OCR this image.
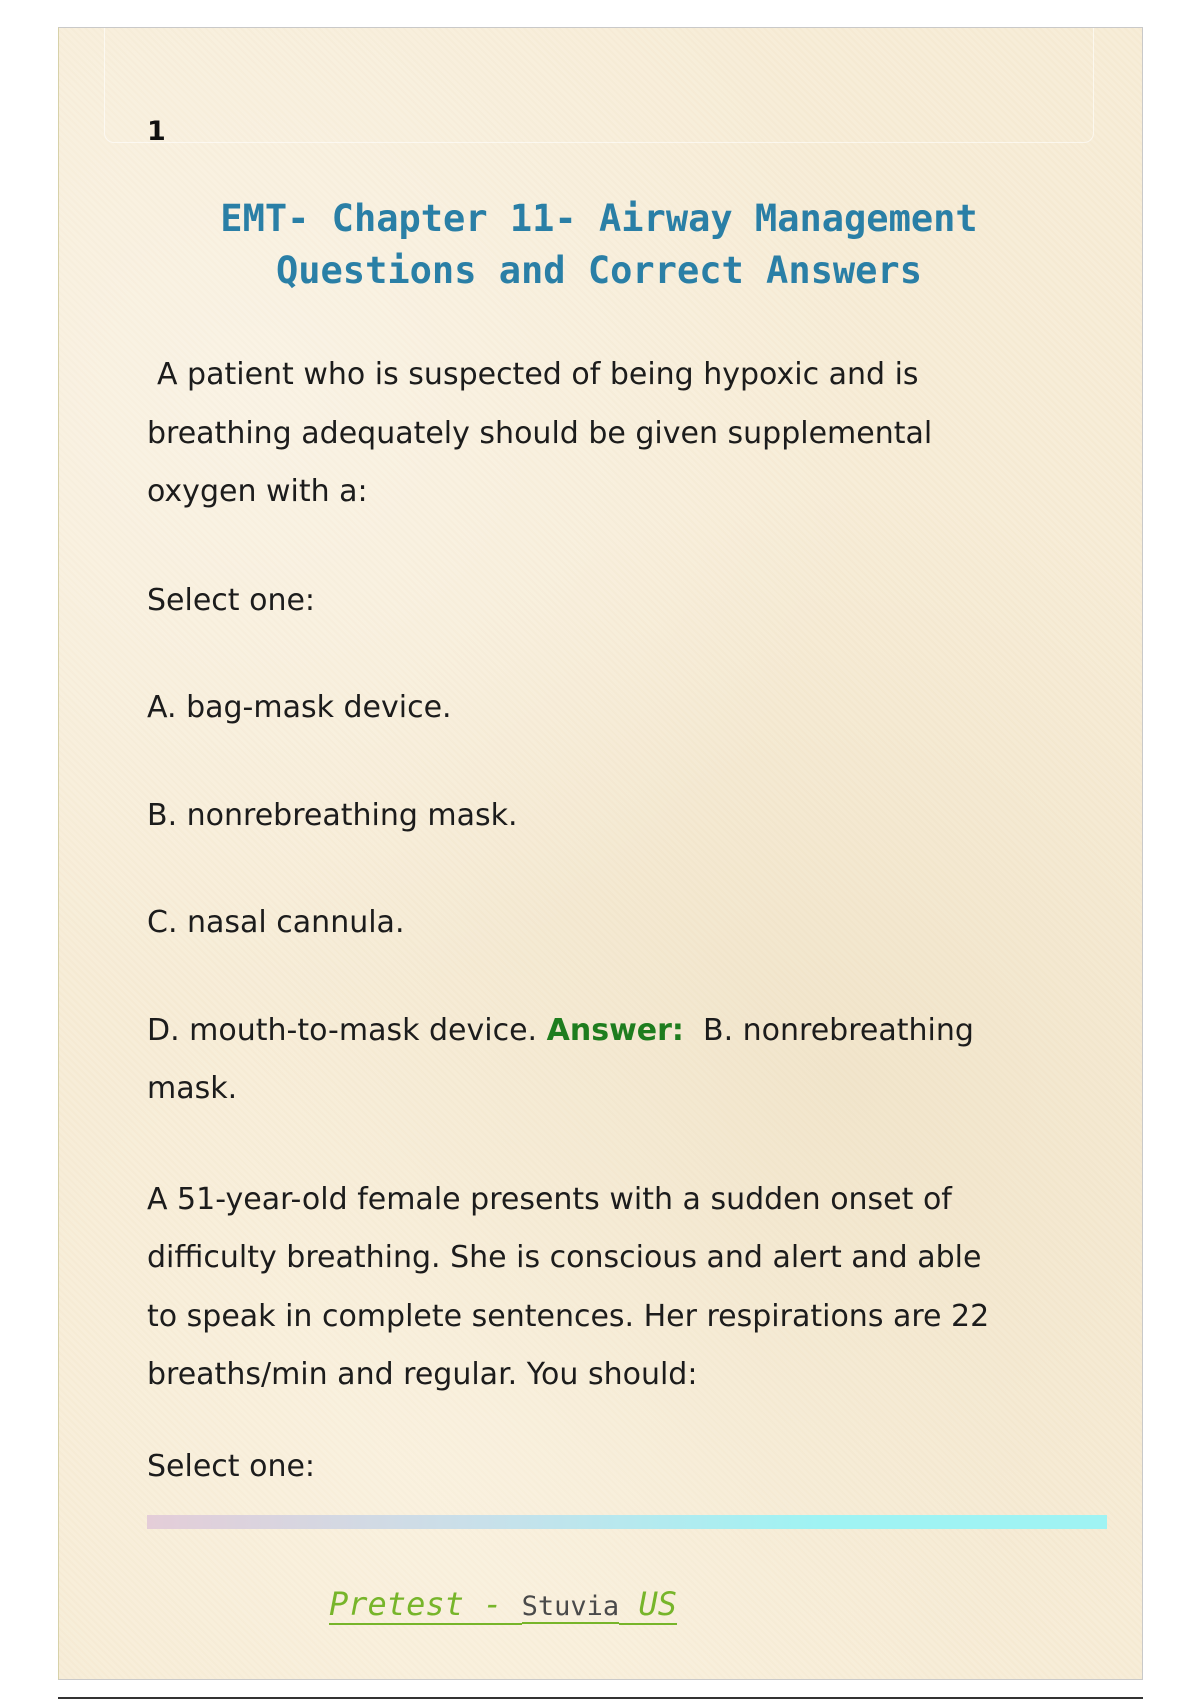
1

EMT- Chapter 11- Airway Management
Questions and Correct Answers

A patient who is suspected of being hypoxic and is

breathing adequately should be given supplemental

oxygen with a:

Select one:

A. bag-mask device.

B. nonrebreathing mask.

C. nasal cannula.

D. mouth-to-mask device. Answer: B. nonrebreathing

mask.

A 51-year-old female presents with a sudden onset of

difficulty breathing. She is conscious and alert and able

to speak in complete sentences. Her respirations are 22

breaths/min and regular. You should:

Select one:

Pretest - Stuvia US
